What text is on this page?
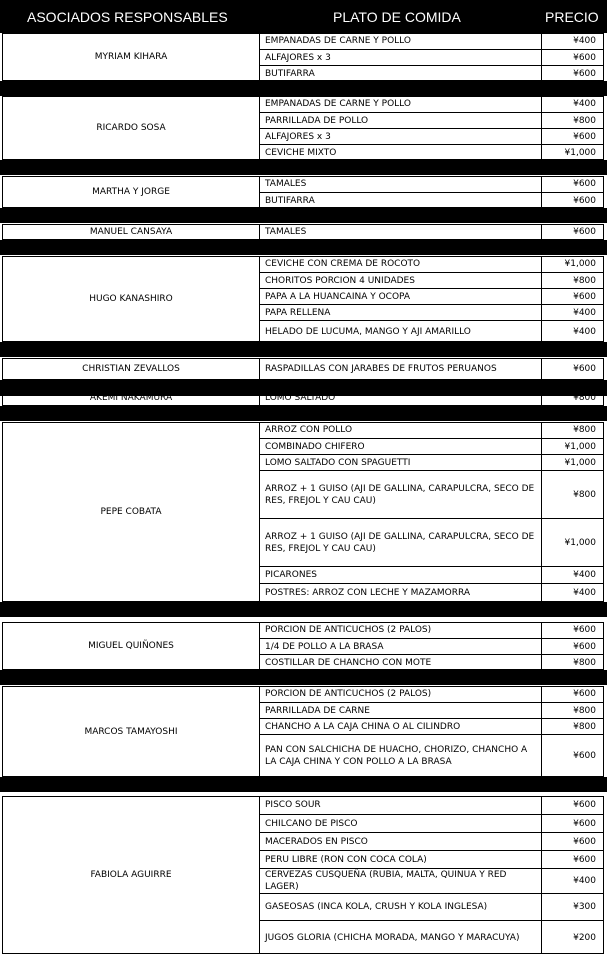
ASOCIADOS RESPONSABLES	PLATO DE COMIDA	PRECIO
MYRIAM KIHARA
EMPANADAS DE CARNE Y POLLO	¥400
ALFAJORES x 3	¥600
BUTIFARRA	¥600
RICARDO SOSA
EMPANADAS DE CARNE Y POLLO	¥400
PARRILLADA DE POLLO	¥800
ALFAJORES x 3	¥600
CEVICHE MIXTO	¥1,000
MARTHA Y JORGE
TAMALES	¥600
BUTIFARRA	¥600
MANUEL CANSAYA	TAMALES	¥600
HUGO KANASHIRO
CEVICHE CON CREMA DE ROCOTO	¥1,000
CHORITOS PORCION 4 UNIDADES	¥800
PAPA A LA HUANCAINA Y OCOPA	¥600
PAPA RELLENA	¥400
HELADO DE LUCUMA, MANGO Y AJI AMARILLO	¥400
CHRISTIAN ZEVALLOS	RASPADILLAS CON JARABES DE FRUTOS PERUANOS	¥600
AKEMI NAKAMURA	LOMO SALTADO	¥800
PEPE COBATA
ARROZ CON POLLO	¥800
COMBINADO CHIFERO	¥1,000
LOMO SALTADO CON SPAGUETTI	¥1,000
ARROZ + 1 GUISO (AJI DE GALLINA, CARAPULCRA, SECO DE RES, FREJOL Y CAU CAU)
¥800
ARROZ + 1 GUISO (AJI DE GALLINA, CARAPULCRA, SECO DE RES, FREJOL Y CAU CAU)
¥1,000
PICARONES	¥400
POSTRES: ARROZ CON LECHE Y MAZAMORRA	¥400
MIGUEL QUIÑONES
PORCION DE ANTICUCHOS (2 PALOS)	¥600
1/4 DE POLLO A LA BRASA	¥600
COSTILLAR DE CHANCHO CON MOTE	¥800
MARCOS TAMAYOSHI
PORCION DE ANTICUCHOS (2 PALOS)	¥600
PARRILLADA DE CARNE	¥800
CHANCHO A LA CAJA CHINA O AL CILINDRO	¥800
PAN CON SALCHICHA DE HUACHO, CHORIZO, CHANCHO A LA CAJA CHINA Y CON POLLO A LA BRASA
¥600
FABIOLA AGUIRRE
PISCO SOUR	¥600
CHILCANO DE PISCO	¥600
MACERADOS EN PISCO	¥600
PERU LIBRE (RON CON COCA COLA)	¥600
CERVEZAS CUSQUEÑA (RUBIA, MALTA, QUINUA Y RED LAGER)
¥400
GASEOSAS (INCA KOLA, CRUSH Y KOLA INGLESA)	¥300
JUGOS GLORIA (CHICHA MORADA, MANGO Y MARACUYA)	¥200
